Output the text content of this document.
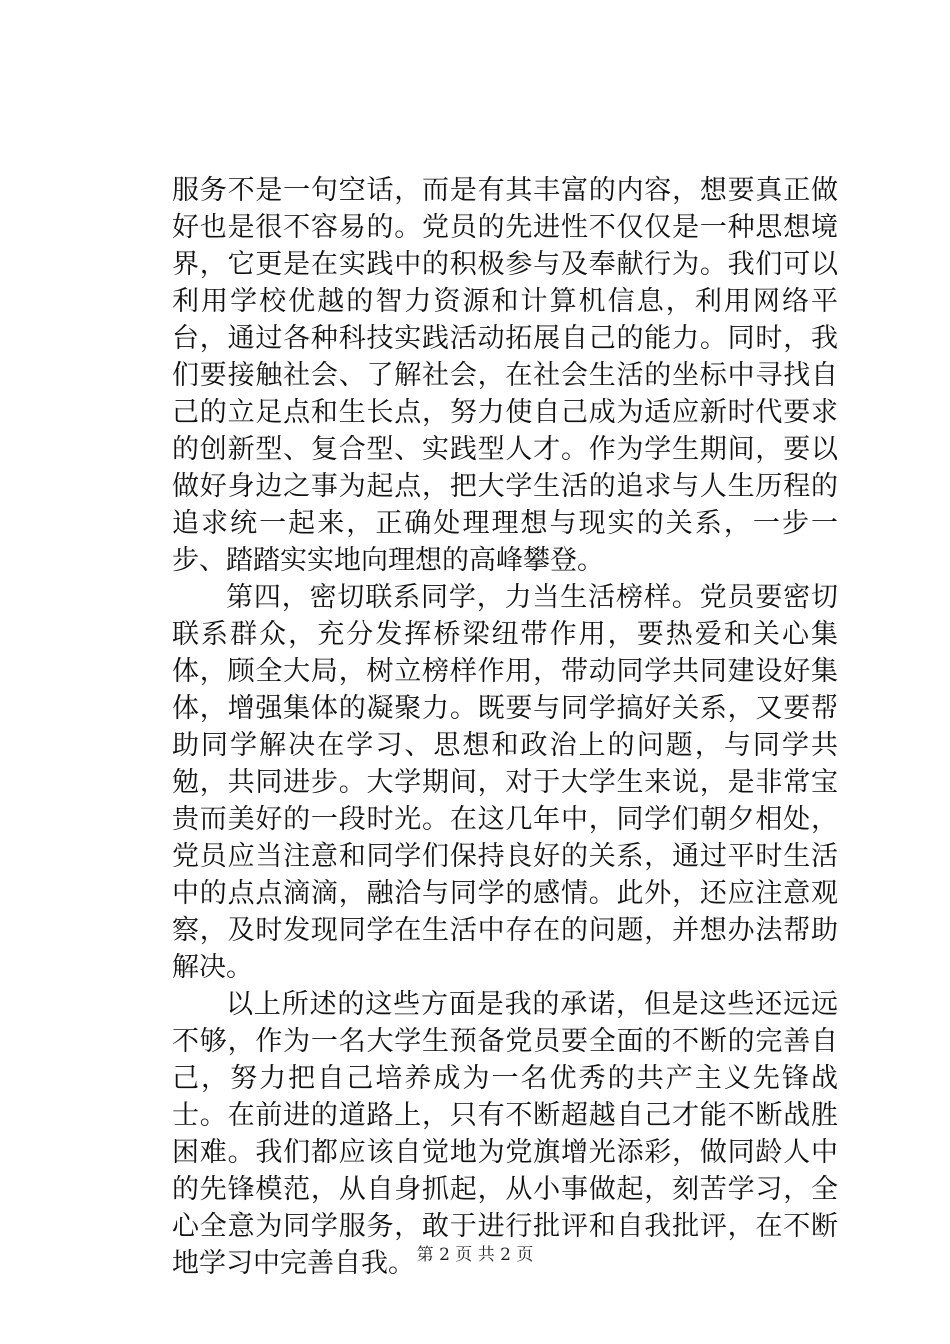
服务不是一句空话，而是有其丰富的内容，想要真正做好也是很不容易的。党员的先进性不仅仅是一种思想境界，它更是在实践中的积极参与及奉献行为。我们可以利用学校优越的智力资源和计算机信息，利用网络平台，通过各种科技实践活动拓展自己的能力。同时，我们要接触社会、了解社会，在社会生活的坐标中寻找自己的立足点和生长点，努力使自己成为适应新时代要求的创新型、复合型、实践型人才。作为学生期间，要以做好身边之事为起点，把大学生活的追求与人生历程的追求统一起来，正确处理理想与现实的关系，一步一步、踏踏实实地向理想的高峰攀登。

第四，密切联系同学，力当生活榜样。党员要密切联系群众，充分发挥桥梁纽带作用，要热爱和关心集体，顾全大局，树立榜样作用，带动同学共同建设好集体，增强集体的凝聚力。既要与同学搞好关系，又要帮助同学解决在学习、思想和政治上的问题，与同学共勉，共同进步。大学期间，对于大学生来说，是非常宝贵而美好的一段时光。在这几年中，同学们朝夕相处，党员应当注意和同学们保持良好的关系，通过平时生活中的点点滴滴，融洽与同学的感情。此外，还应注意观察，及时发现同学在生活中存在的问题，并想办法帮助解决。

以上所述的这些方面是我的承诺，但是这些还远远不够，作为一名大学生预备党员要全面的不断的完善自己，努力把自己培养成为一名优秀的共产主义先锋战士。在前进的道路上，只有不断超越自己才能不断战胜困难。我们都应该自觉地为党旗增光添彩，做同龄人中的先锋模范，从自身抓起，从小事做起，刻苦学习，全心全意为同学服务，敢于进行批评和自我批评，在不断地学习中完善自我。 第 2 页 共 2 页
